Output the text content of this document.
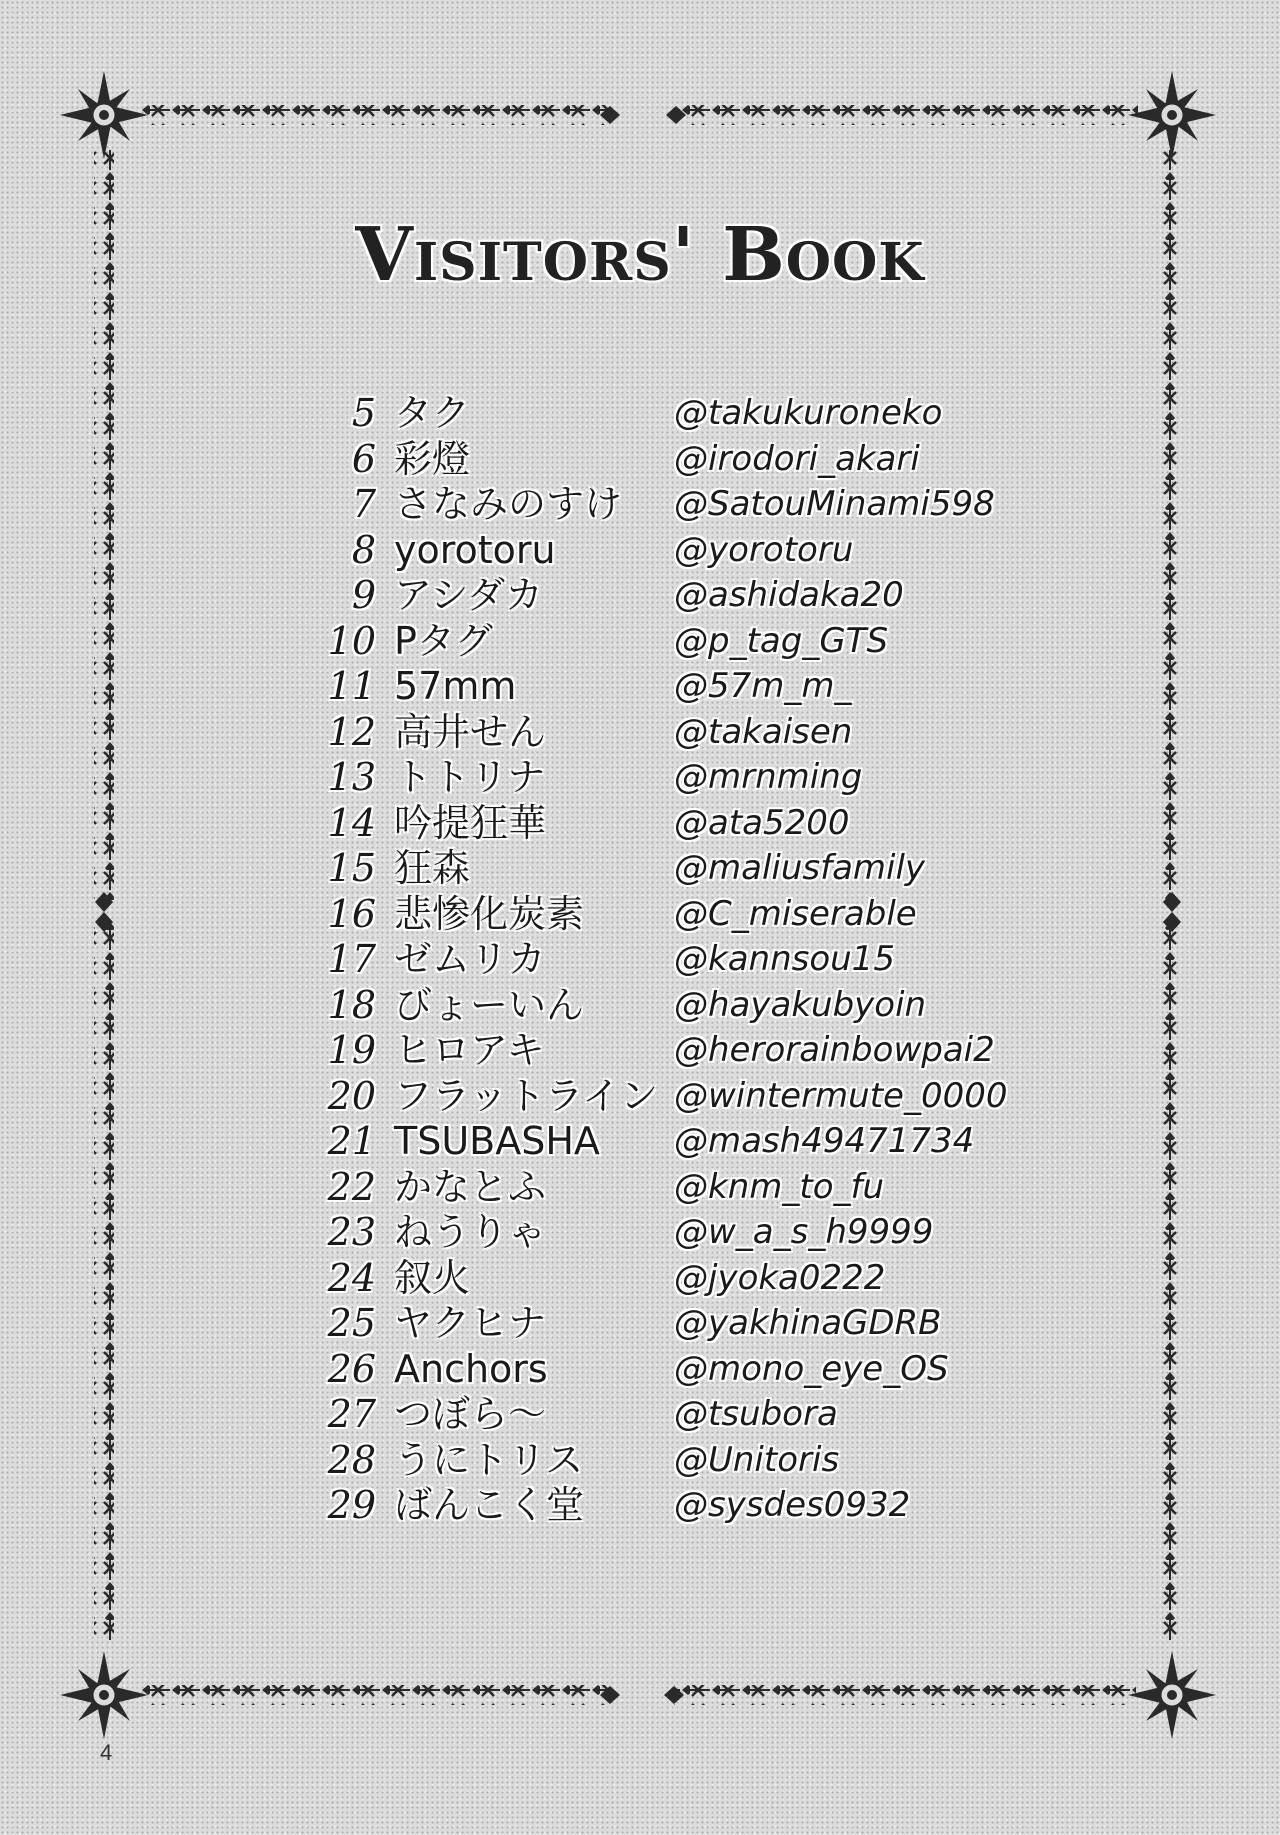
Visitors' Book
5 タク	@takukuroneko
6 彩燈	@irodori_akari
7 さなみのすけ	@SatouMinami598
8 yorotoru	@yorotoru
9 アシダカ	@ashidaka20
10 Pタグ	@p_tag_GTS
11 57mm	@57m_m_
12 高井せん	@takaisen
13 トトリナ	@mrnming
14 吟提狂華	@ata5200
15 狂森	@maliusfamily
16 悲惨化炭素	@C_miserable
17 ゼムリカ	@kannsou15
18 びょーいん	@hayakubyoin
19 ヒロアキ	@herorainbowpai2
20 フラットライン @wintermute_0000
21 TSUBASHA	@mash49471734
22 かなとふ	@knm_to_fu
23 ねうりゃ	@w_a_s_h9999
24 叙火	@jyoka0222
25 ヤクヒナ	@yakhinaGDRB
26 Anchors	@mono_eye_OS
27 つぼら～	@tsubora
28 うにトリス	@Unitoris
29 ばんこく堂	@sysdes0932
4
